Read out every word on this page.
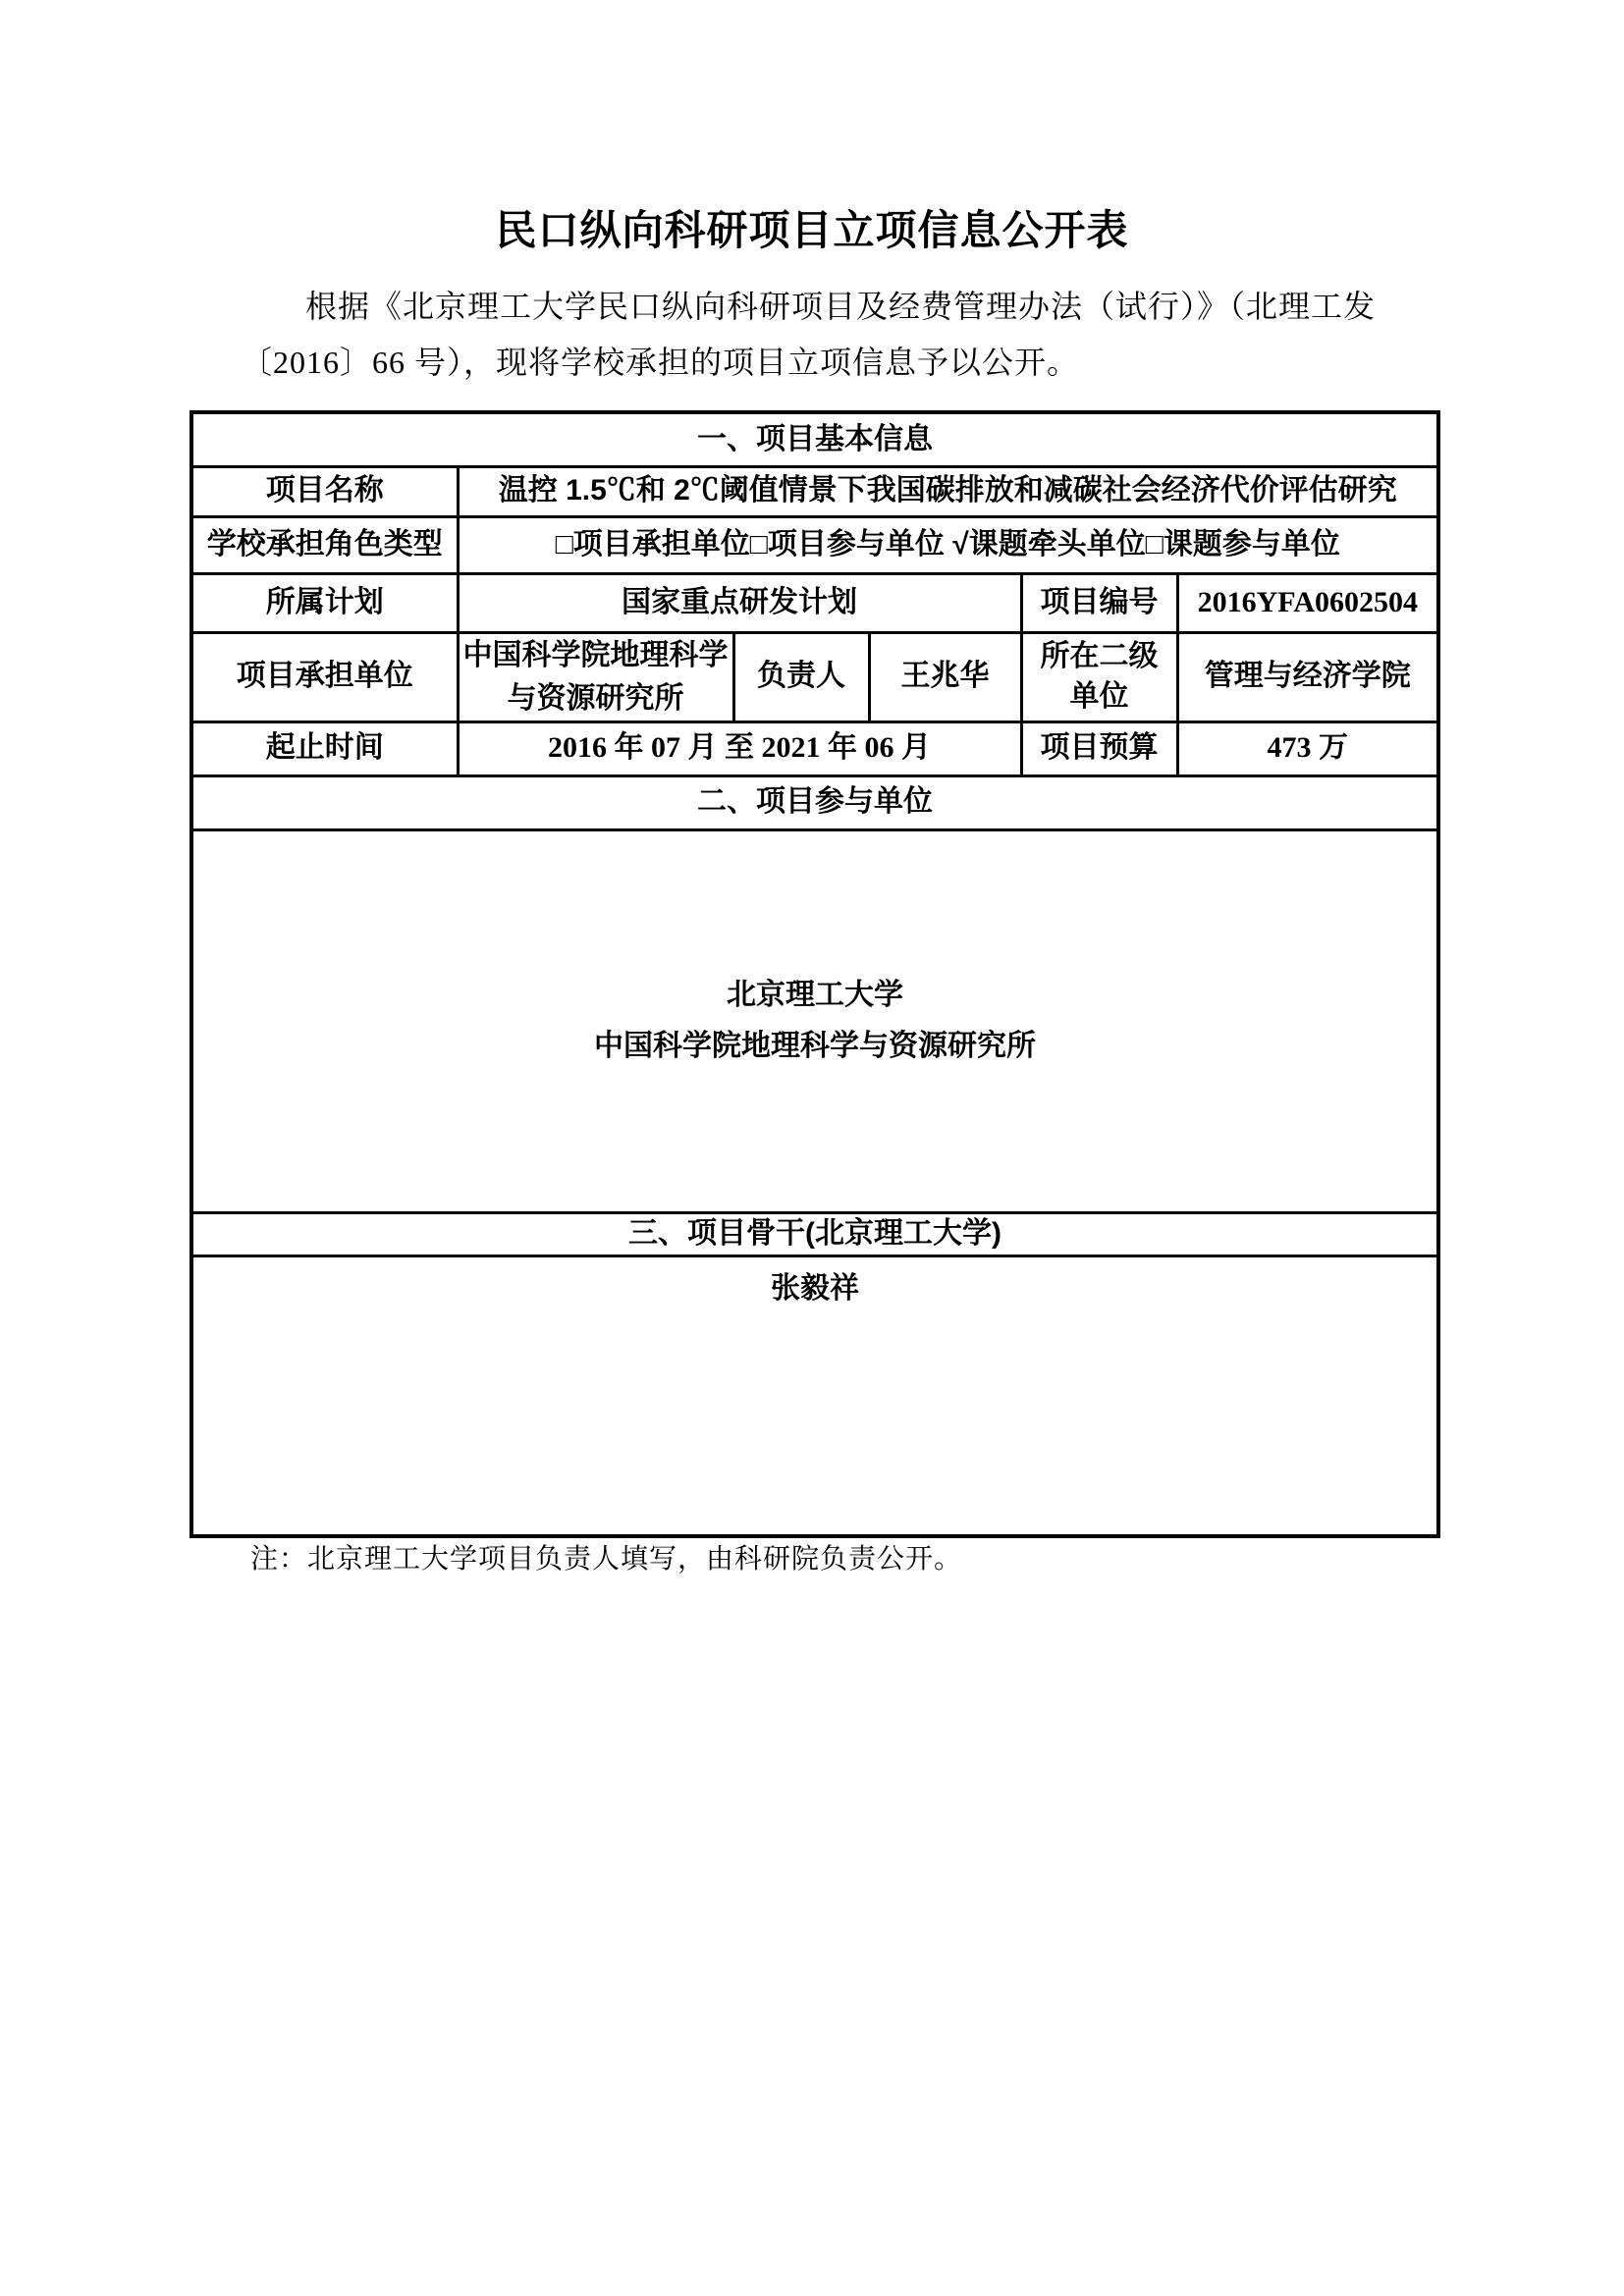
民口纵向科研项目立项信息公开表
根据《北京理工大学民口纵向科研项目及经费管理办法（试行）》（北理工发
〔2016〕66 号），现将学校承担的项目立项信息予以公开。
一、项目基本信息					
项目名称	温控 1.5℃和 2℃阈值情景下我国碳排放和减碳社会经济代价评估研究				
学校承担角色类型	□项目承担单位□项目参与单位 √课题牵头单位□课题参与单位				
所属计划	国家重点研发计划			项目编号	2016YFA0602504
项目承担单位	中国科学院地理科学与资源研究所	负责人	王兆华	所在二级单位	管理与经济学院
起止时间	2016 年 07 月 至 2021 年 06 月			项目预算	473 万
二、项目参与单位					

北京理工大学
中国科学院地理科学与资源研究所					

三、项目骨干(北京理工大学)					

张毅祥					
注：北京理工大学项目负责人填写，由科研院负责公开。
